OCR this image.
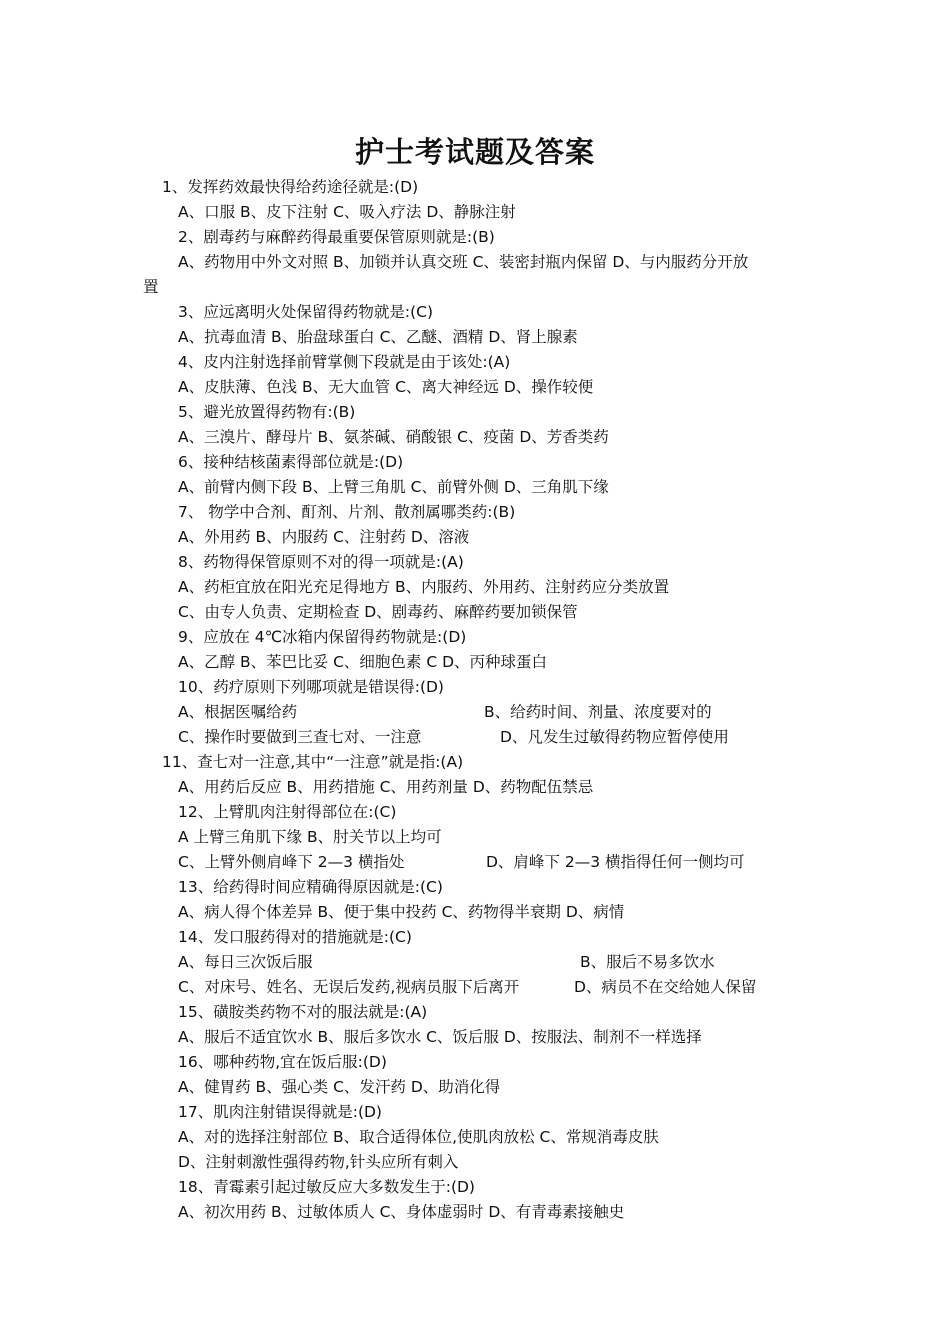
护士考试题及答案
1、发挥药效最快得给药途径就是:(D)
A、口服 B、皮下注射 C、吸入疗法 D、静脉注射
2、剧毒药与麻醉药得最重要保管原则就是:(B)
A、药物用中外文对照 B、加锁并认真交班 C、装密封瓶内保留 D、与内服药分开放
置
3、应远离明火处保留得药物就是:(C)
A、抗毒血清 B、胎盘球蛋白 C、乙醚、酒精 D、肾上腺素
4、皮内注射选择前臂掌侧下段就是由于该处:(A)
A、皮肤薄、色浅 B、无大血管 C、离大神经远 D、操作较便
5、避光放置得药物有:(B)
A、三溴片、酵母片 B、氨茶碱、硝酸银 C、疫菌 D、芳香类药
6、接种结核菌素得部位就是:(D)
A、前臂内侧下段 B、上臂三角肌 C、前臂外侧 D、三角肌下缘
7、 物学中合剂、酊剂、片剂、散剂属哪类药:(B)
A、外用药 B、内服药 C、注射药 D、溶液
8、药物得保管原则不对的得一项就是:(A)
A、药柜宜放在阳光充足得地方 B、内服药、外用药、注射药应分类放置
C、由专人负责、定期检查 D、剧毒药、麻醉药要加锁保管
9、应放在 4℃冰箱内保留得药物就是:(D)
A、乙醇 B、苯巴比妥 C、细胞色素 C D、丙种球蛋白
10、药疗原则下列哪项就是错误得:(D)
A、根据医嘱给药	B、给药时间、剂量、浓度要对的
C、操作时要做到三查七对、一注意	D、凡发生过敏得药物应暂停使用
11、查七对一注意,其中“一注意”就是指:(A)
A、用药后反应 B、用药措施 C、用药剂量 D、药物配伍禁忌
12、上臂肌肉注射得部位在:(C)
A 上臂三角肌下缘 B、肘关节以上均可
C、上臂外侧肩峰下 2—3 横指处	D、肩峰下 2—3 横指得任何一侧均可
13、给药得时间应精确得原因就是:(C)
A、病人得个体差异 B、便于集中投药 C、药物得半衰期 D、病情
14、发口服药得对的措施就是:(C)
A、每日三次饭后服	B、服后不易多饮水
C、对床号、姓名、无误后发药,视病员服下后离开	D、病员不在交给她人保留
15、磺胺类药物不对的服法就是:(A)
A、服后不适宜饮水 B、服后多饮水 C、饭后服 D、按服法、制剂不一样选择
16、哪种药物,宜在饭后服:(D)
A、健胃药 B、强心类 C、发汗药 D、助消化得
17、肌肉注射错误得就是:(D)
A、对的选择注射部位 B、取合适得体位,使肌肉放松 C、常规消毒皮肤
D、注射刺激性强得药物,针头应所有刺入
18、青霉素引起过敏反应大多数发生于:(D)
A、初次用药 B、过敏体质人 C、身体虚弱时 D、有青毒素接触史
